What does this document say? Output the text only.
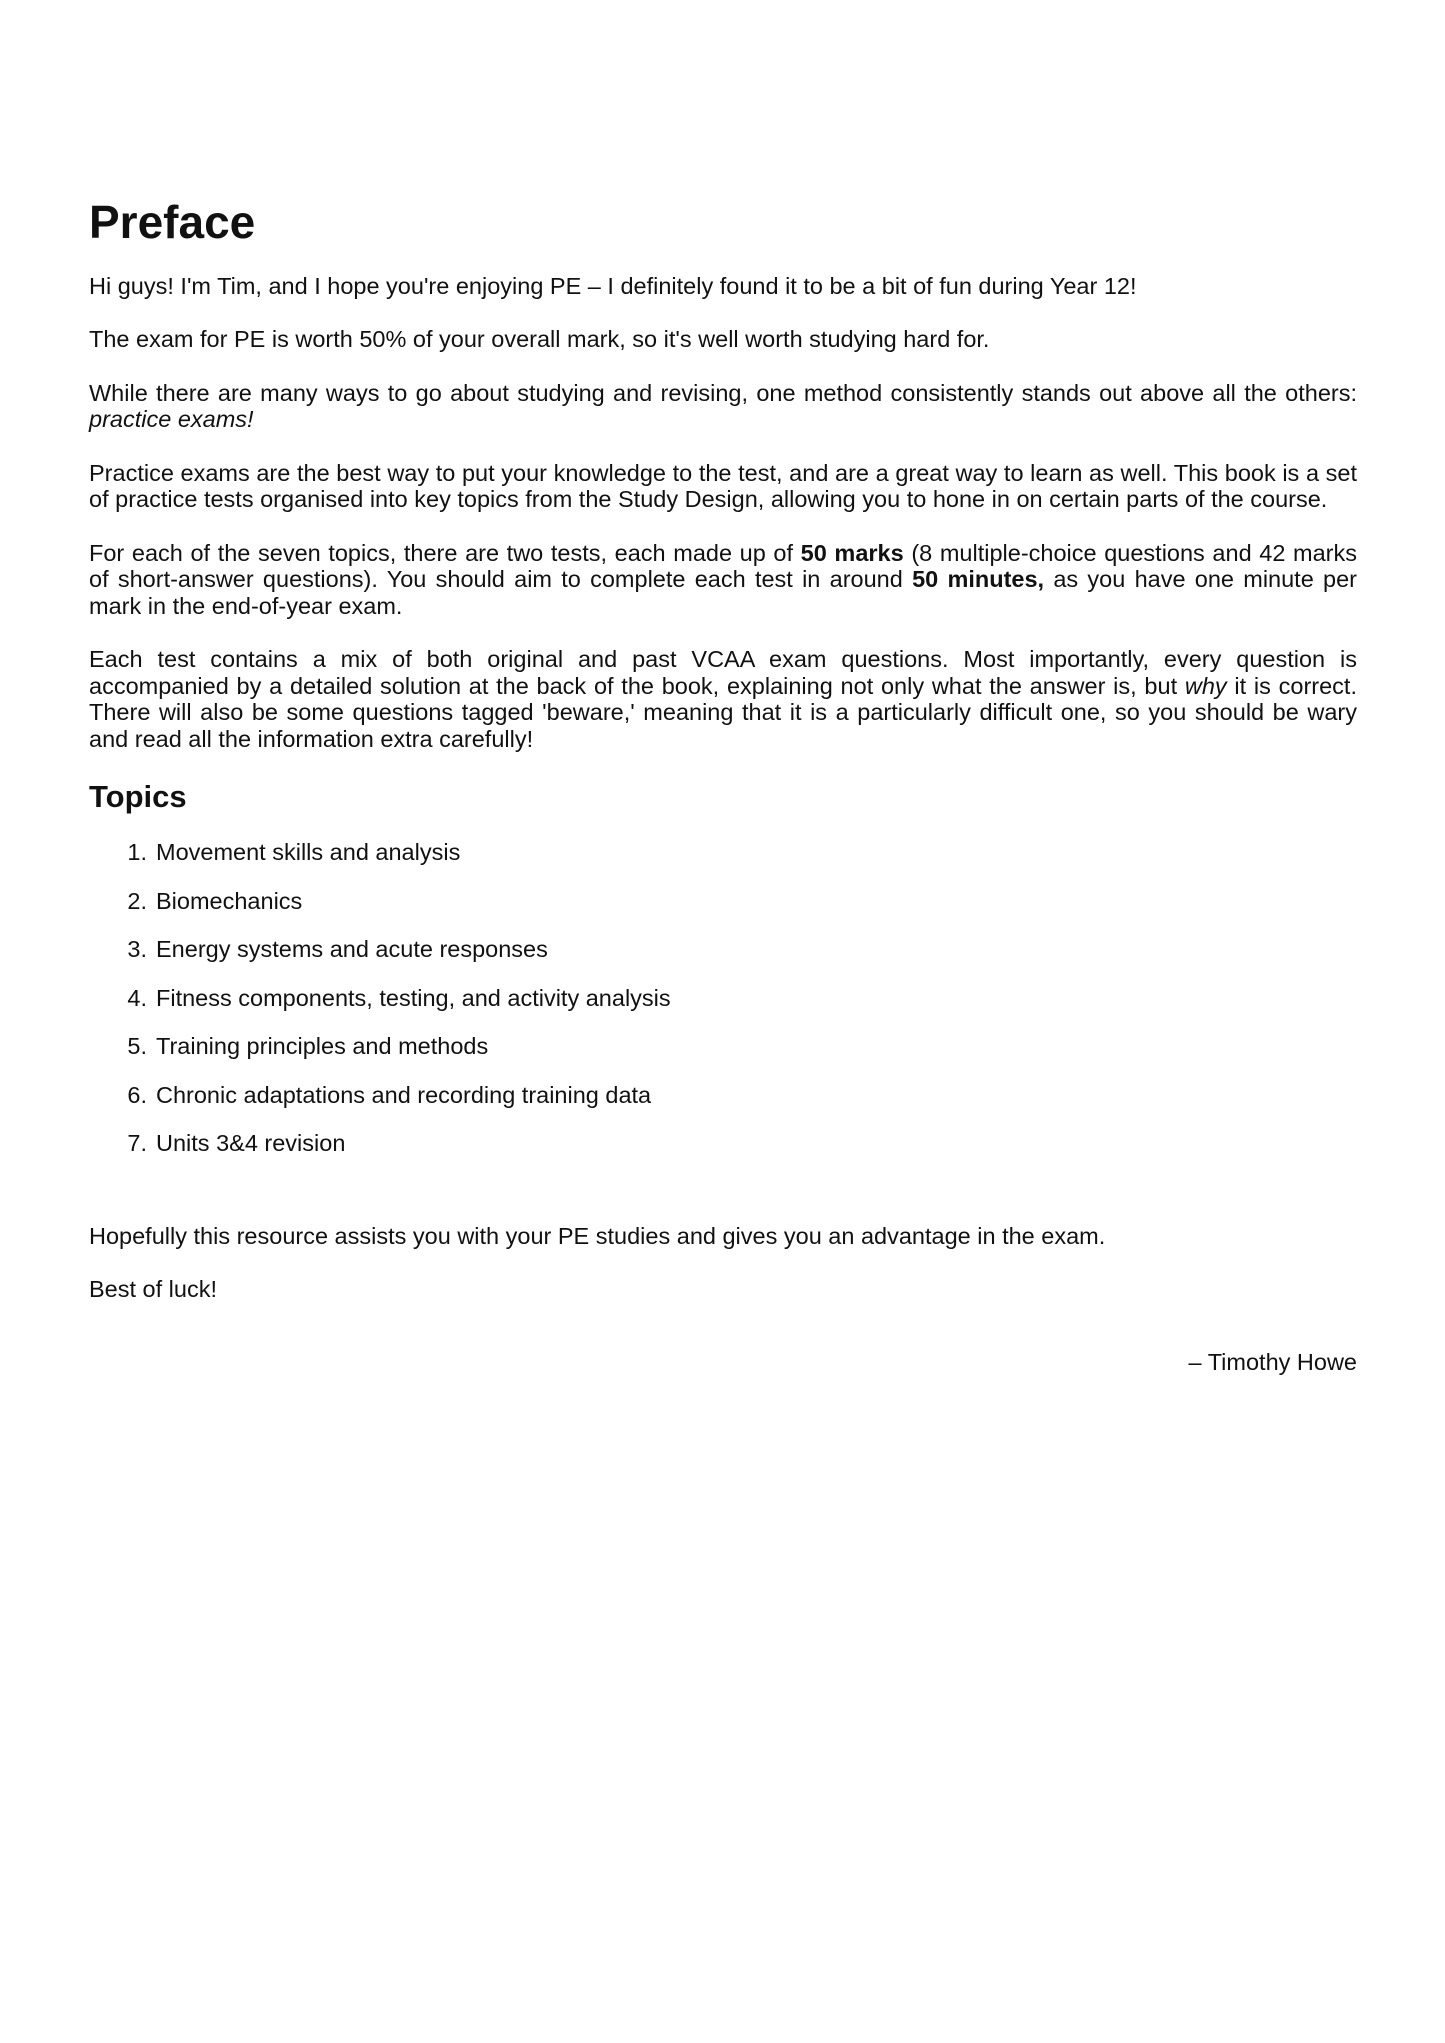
Preface

Hi guys! I'm Tim, and I hope you're enjoying PE – I definitely found it to be a bit of fun during Year 12!

The exam for PE is worth 50% of your overall mark, so it's well worth studying hard for.

While there are many ways to go about studying and revising, one method consistently stands out above all the others: practice exams!

Practice exams are the best way to put your knowledge to the test, and are a great way to learn as well. This book is a set of practice tests organised into key topics from the Study Design, allowing you to hone in on certain parts of the course.

For each of the seven topics, there are two tests, each made up of 50 marks (8 multiple-choice questions and 42 marks of short-answer questions). You should aim to complete each test in around 50 minutes, as you have one minute per mark in the end-of-year exam.

Each test contains a mix of both original and past VCAA exam questions. Most importantly, every question is accompanied by a detailed solution at the back of the book, explaining not only what the answer is, but why it is correct. There will also be some questions tagged 'beware,' meaning that it is a particularly difficult one, so you should be wary and read all the information extra carefully!

Topics
1. Movement skills and analysis
2. Biomechanics
3. Energy systems and acute responses
4. Fitness components, testing, and activity analysis
5. Training principles and methods
6. Chronic adaptations and recording training data
7. Units 3&4 revision

Hopefully this resource assists you with your PE studies and gives you an advantage in the exam.

Best of luck!

– Timothy Howe
